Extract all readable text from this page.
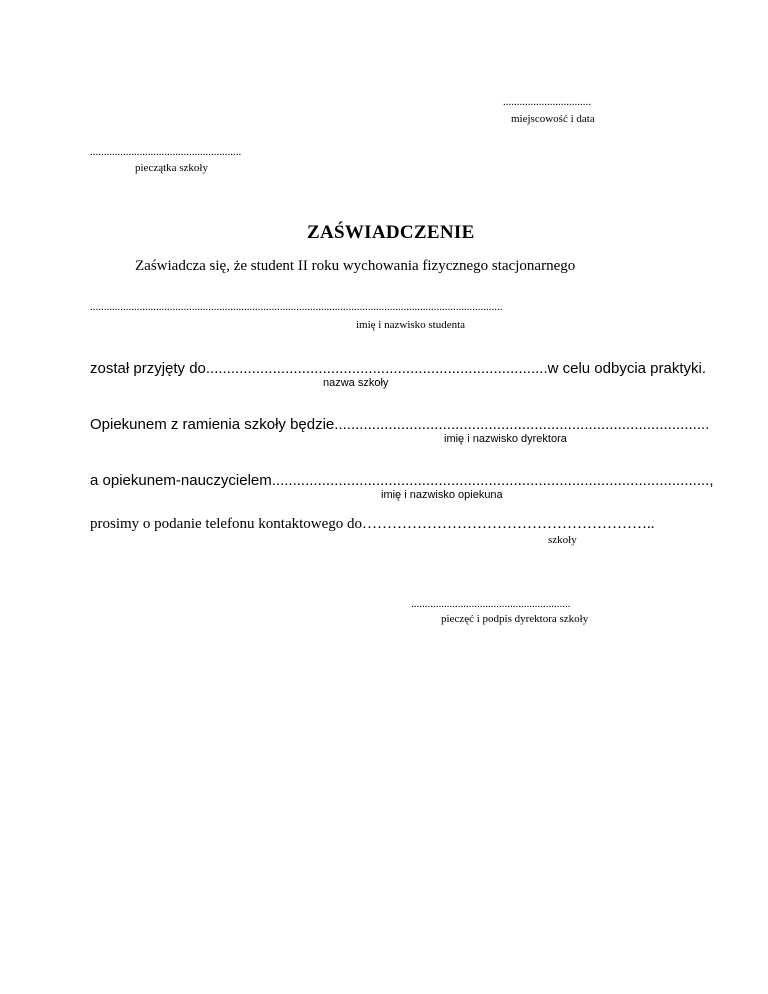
................................
miejscowość i data
.......................................................
pieczątka szkoły
ZAŚWIADCZENIE
Zaświadcza się, że student II roku wychowania fizycznego stacjonarnego
......................................................................................................................................................
imię i nazwisko studenta
został przyjęty do..................................................................................w celu odbycia praktyki.
nazwa szkoły
Opiekunem z ramienia szkoły będzie..........................................................................................
imię i nazwisko dyrektora
a opiekunem-nauczycielem.........................................................................................................,
imię i nazwisko opiekuna
prosimy o podanie telefonu kontaktowego do…………………………………………………..
szkoły
..........................................................
pieczęć i podpis dyrektora szkoły
